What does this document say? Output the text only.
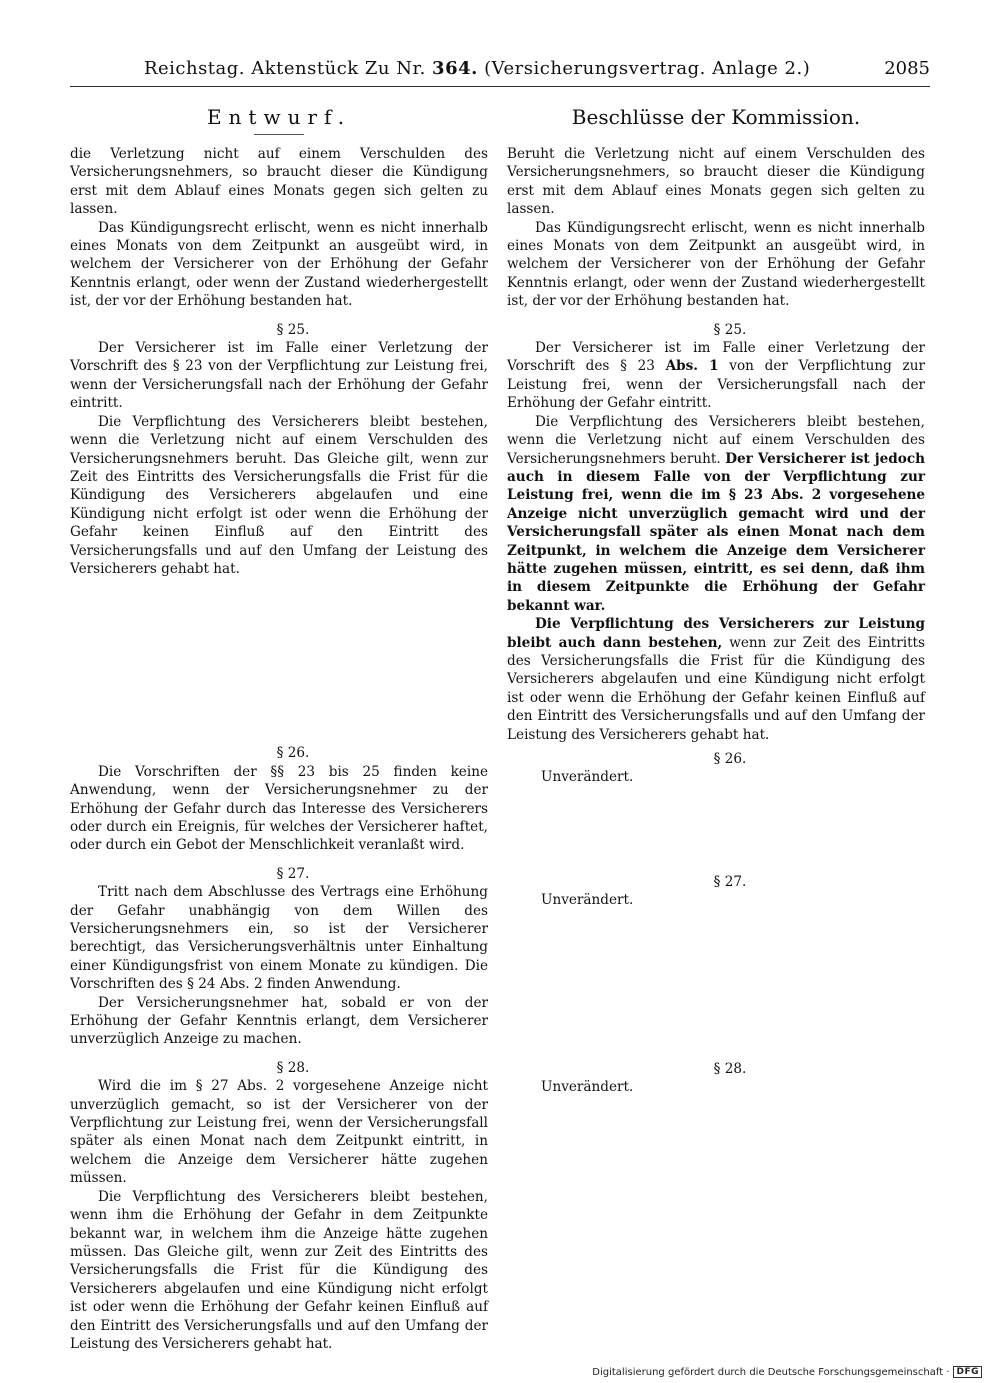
Reichstag. Aktenstück Zu Nr. 364. (Versicherungsvertrag. Anlage 2.)	2085
Entwurf.

die Verletzung nicht auf einem Verschulden des Versicherungsnehmers, so braucht dieser die Kündigung erst mit dem Ablauf eines Monats gegen sich gelten zu lassen.

Das Kündigungsrecht erlischt, wenn es nicht innerhalb eines Monats von dem Zeitpunkt an ausgeübt wird, in welchem der Versicherer von der Erhöhung der Gefahr Kenntnis erlangt, oder wenn der Zustand wiederhergestellt ist, der vor der Erhöhung bestanden hat.

§ 25.

Der Versicherer ist im Falle einer Verletzung der Vorschrift des § 23 von der Verpflichtung zur Leistung frei, wenn der Versicherungsfall nach der Erhöhung der Gefahr eintritt.

Die Verpflichtung des Versicherers bleibt bestehen, wenn die Verletzung nicht auf einem Verschulden des Versicherungsnehmers beruht. Das Gleiche gilt, wenn zur Zeit des Eintritts des Versicherungsfalls die Frist für die Kündigung des Versicherers abgelaufen und eine Kündigung nicht erfolgt ist oder wenn die Erhöhung der Gefahr keinen Einfluß auf den Eintritt des Versicherungsfalls und auf den Umfang der Leistung des Versicherers gehabt hat.

§ 26.

Die Vorschriften der §§ 23 bis 25 finden keine Anwendung, wenn der Versicherungsnehmer zu der Erhöhung der Gefahr durch das Interesse des Versicherers oder durch ein Ereignis, für welches der Versicherer haftet, oder durch ein Gebot der Menschlichkeit veranlaßt wird.

§ 27.

Tritt nach dem Abschlusse des Vertrags eine Erhöhung der Gefahr unabhängig von dem Willen des Versicherungsnehmers ein, so ist der Versicherer berechtigt, das Versicherungsverhältnis unter Einhaltung einer Kündigungsfrist von einem Monate zu kündigen. Die Vorschriften des § 24 Abs. 2 finden Anwendung.

Der Versicherungsnehmer hat, sobald er von der Erhöhung der Gefahr Kenntnis erlangt, dem Versicherer unverzüglich Anzeige zu machen.

§ 28.

Wird die im § 27 Abs. 2 vorgesehene Anzeige nicht unverzüglich gemacht, so ist der Versicherer von der Verpflichtung zur Leistung frei, wenn der Versicherungsfall später als einen Monat nach dem Zeitpunkt eintritt, in welchem die Anzeige dem Versicherer hätte zugehen müssen.

Die Verpflichtung des Versicherers bleibt bestehen, wenn ihm die Erhöhung der Gefahr in dem Zeitpunkte bekannt war, in welchem ihm die Anzeige hätte zugehen müssen. Das Gleiche gilt, wenn zur Zeit des Eintritts des Versicherungsfalls die Frist für die Kündigung des Versicherers abgelaufen und eine Kündigung nicht erfolgt ist oder wenn die Erhöhung der Gefahr keinen Einfluß auf den Eintritt des Versicherungsfalls und auf den Umfang der Leistung des Versicherers gehabt hat.

Beschlüsse der Kommission.

Beruht die Verletzung nicht auf einem Verschulden des Versicherungsnehmers, so braucht dieser die Kündigung erst mit dem Ablauf eines Monats gegen sich gelten zu lassen.

Das Kündigungsrecht erlischt, wenn es nicht innerhalb eines Monats von dem Zeitpunkt an ausgeübt wird, in welchem der Versicherer von der Erhöhung der Gefahr Kenntnis erlangt, oder wenn der Zustand wiederhergestellt ist, der vor der Erhöhung bestanden hat.

§ 25.

Der Versicherer ist im Falle einer Verletzung der Vorschrift des § 23 Abs. 1 von der Verpflichtung zur Leistung frei, wenn der Versicherungsfall nach der Erhöhung der Gefahr eintritt.

Die Verpflichtung des Versicherers bleibt bestehen, wenn die Verletzung nicht auf einem Verschulden des Versicherungsnehmers beruht. Der Versicherer ist jedoch auch in diesem Falle von der Verpflichtung zur Leistung frei, wenn die im § 23 Abs. 2 vorgesehene Anzeige nicht unverzüglich gemacht wird und der Versicherungsfall später als einen Monat nach dem Zeitpunkt, in welchem die Anzeige dem Versicherer hätte zugehen müssen, eintritt, es sei denn, daß ihm in diesem Zeitpunkte die Erhöhung der Gefahr bekannt war.

Die Verpflichtung des Versicherers zur Leistung bleibt auch dann bestehen, wenn zur Zeit des Eintritts des Versicherungsfalls die Frist für die Kündigung des Versicherers abgelaufen und eine Kündigung nicht erfolgt ist oder wenn die Erhöhung der Gefahr keinen Einfluß auf den Eintritt des Versicherungsfalls und auf den Umfang der Leistung des Versicherers gehabt hat.

§ 26.

Unverändert.

§ 27.

Unverändert.

§ 28.

Unverändert.

Digitalisierung gefördert durch die Deutsche Forschungsgemeinschaft · DFG
